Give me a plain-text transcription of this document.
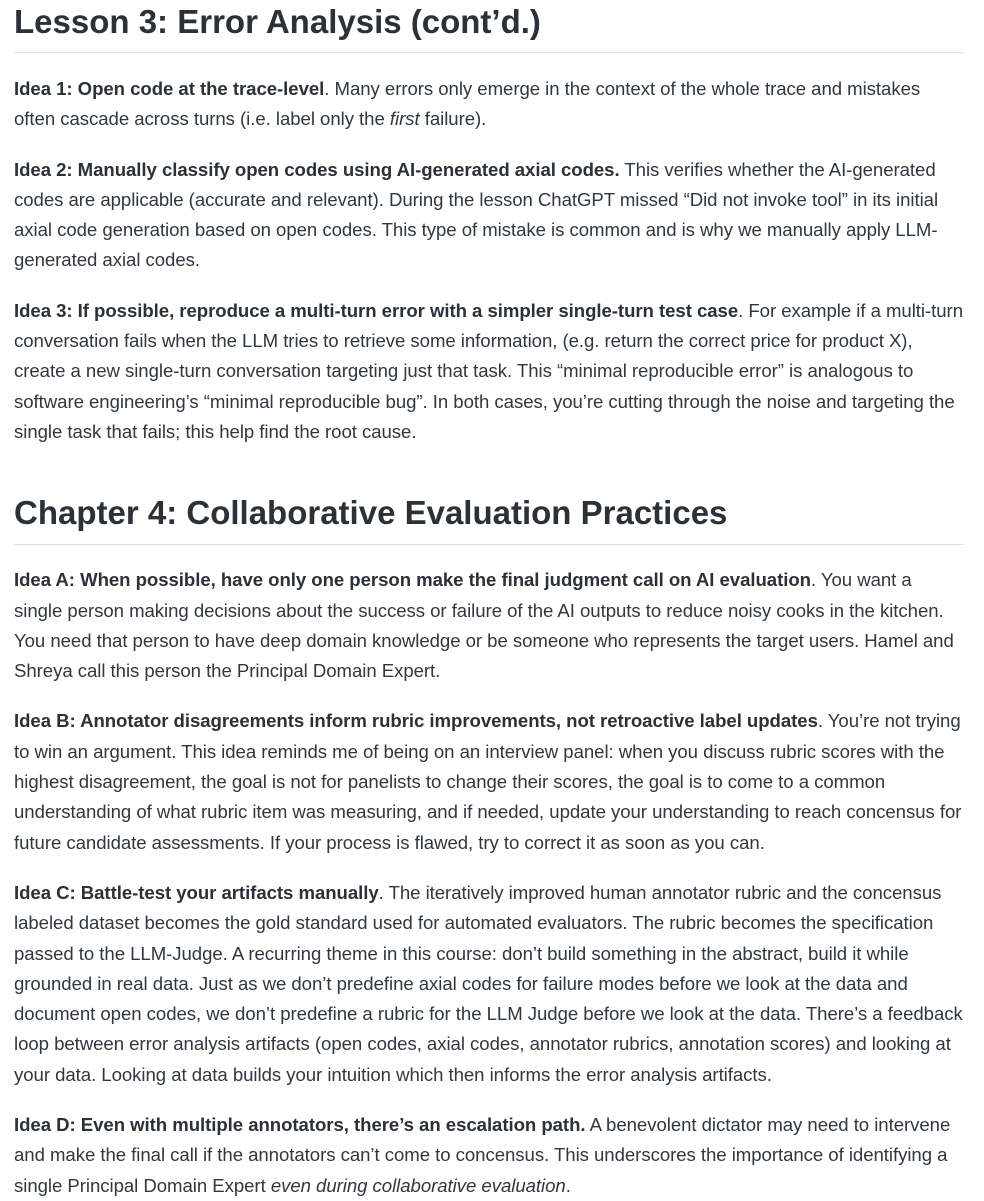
Lesson 3: Error Analysis (cont’d.)

Idea 1: Open code at the trace-level. Many errors only emerge in the context of the whole trace and mistakes often cascade across turns (i.e. label only the first failure).

Idea 2: Manually classify open codes using AI-generated axial codes. This verifies whether the AI-generated codes are applicable (accurate and relevant). During the lesson ChatGPT missed “Did not invoke tool” in its initial axial code generation based on open codes. This type of mistake is common and is why we manually apply LLM-generated axial codes.

Idea 3: If possible, reproduce a multi-turn error with a simpler single-turn test case. For example if a multi-turn conversation fails when the LLM tries to retrieve some information, (e.g. return the correct price for product X), create a new single-turn conversation targeting just that task. This “minimal reproducible error” is analogous to software engineering’s “minimal reproducible bug”. In both cases, you’re cutting through the noise and targeting the single task that fails; this help find the root cause.

Chapter 4: Collaborative Evaluation Practices

Idea A: When possible, have only one person make the final judgment call on AI evaluation. You want a single person making decisions about the success or failure of the AI outputs to reduce noisy cooks in the kitchen. You need that person to have deep domain knowledge or be someone who represents the target users. Hamel and Shreya call this person the Principal Domain Expert.

Idea B: Annotator disagreements inform rubric improvements, not retroactive label updates. You’re not trying to win an argument. This idea reminds me of being on an interview panel: when you discuss rubric scores with the highest disagreement, the goal is not for panelists to change their scores, the goal is to come to a common understanding of what rubric item was measuring, and if needed, update your understanding to reach concensus for future candidate assessments. If your process is flawed, try to correct it as soon as you can.

Idea C: Battle-test your artifacts manually. The iteratively improved human annotator rubric and the concensus labeled dataset becomes the gold standard used for automated evaluators. The rubric becomes the specification passed to the LLM-Judge. A recurring theme in this course: don’t build something in the abstract, build it while grounded in real data. Just as we don’t predefine axial codes for failure modes before we look at the data and document open codes, we don’t predefine a rubric for the LLM Judge before we look at the data. There’s a feedback loop between error analysis artifacts (open codes, axial codes, annotator rubrics, annotation scores) and looking at your data. Looking at data builds your intuition which then informs the error analysis artifacts.

Idea D: Even with multiple annotators, there’s an escalation path. A benevolent dictator may need to intervene and make the final call if the annotators can’t come to concensus. This underscores the importance of identifying a single Principal Domain Expert even during collaborative evaluation.
